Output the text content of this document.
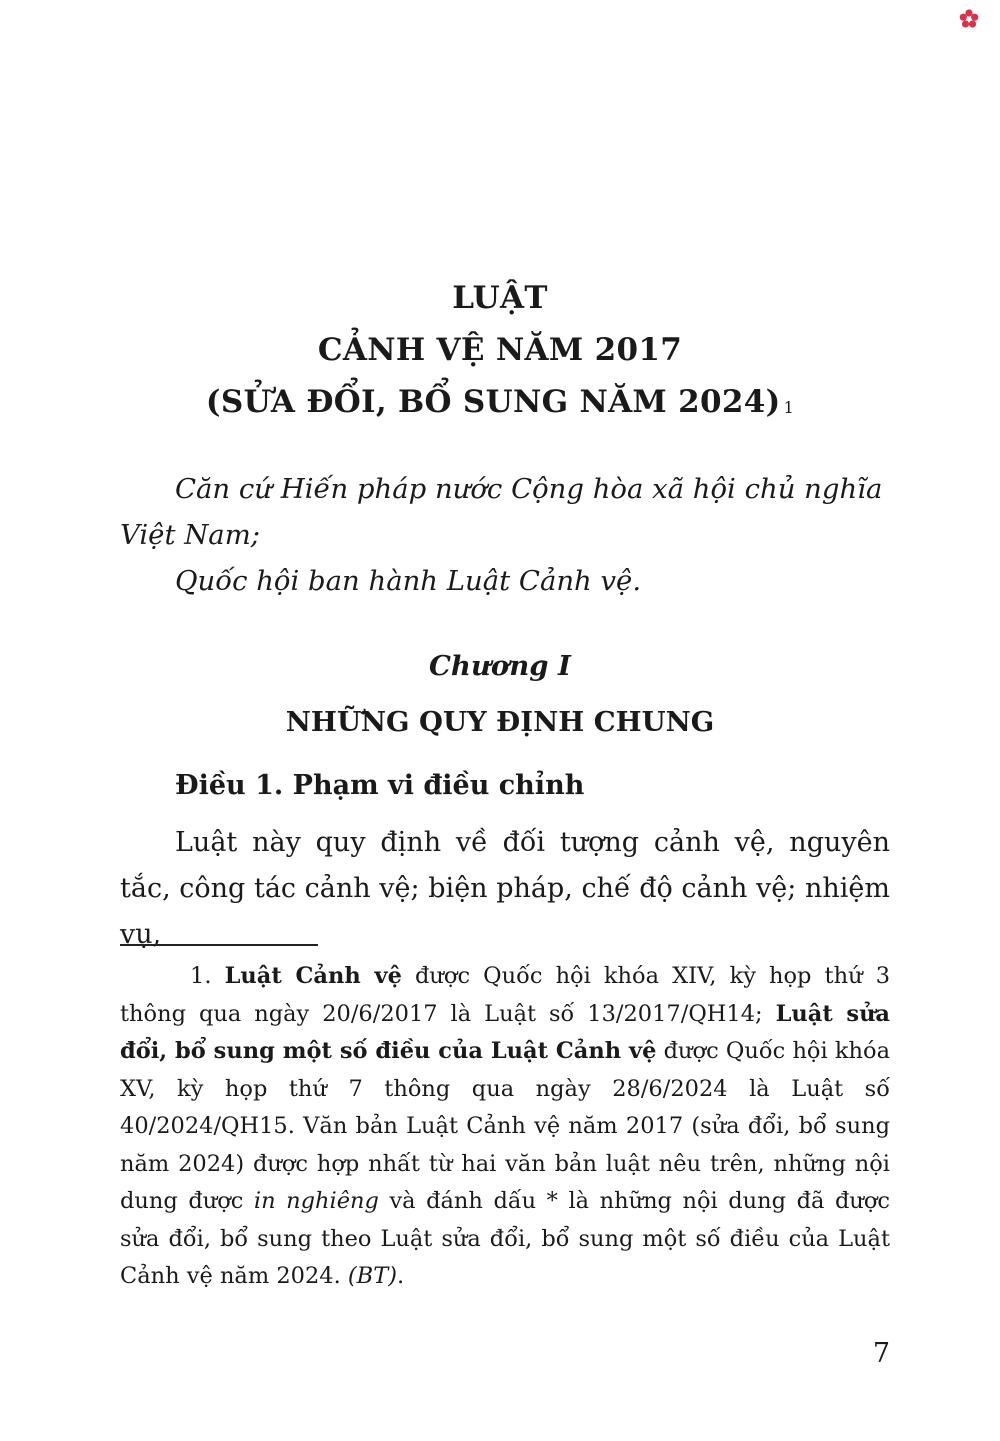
LUẬT
CẢNH VỆ NĂM 2017
(SỬA ĐỔI, BỔ SUNG NĂM 2024) $^1$
Căn cứ Hiến pháp nước Cộng hòa xã hội chủ nghĩa Việt Nam;
Quốc hội ban hành Luật Cảnh vệ.
Chương I
NHỮNG QUY ĐỊNH CHUNG
Điều 1. Phạm vi điều chỉnh
Luật này quy định về đối tượng cảnh vệ, nguyên tắc, công tác cảnh vệ; biện pháp, chế độ cảnh vệ; nhiệm vụ,
1. Luật Cảnh vệ được Quốc hội khóa XIV, kỳ họp thứ 3 thông qua ngày 20/6/2017 là Luật số 13/2017/QH14; Luật sửa đổi, bổ sung một số điều của Luật Cảnh vệ được Quốc hội khóa XV, kỳ họp thứ 7 thông qua ngày 28/6/2024 là Luật số 40/2024/QH15. Văn bản Luật Cảnh vệ năm 2017 (sửa đổi, bổ sung năm 2024) được hợp nhất từ hai văn bản luật nêu trên, những nội dung được in nghiêng và đánh dấu * là những nội dung đã được sửa đổi, bổ sung theo Luật sửa đổi, bổ sung một số điều của Luật Cảnh vệ năm 2024. (BT).
7
